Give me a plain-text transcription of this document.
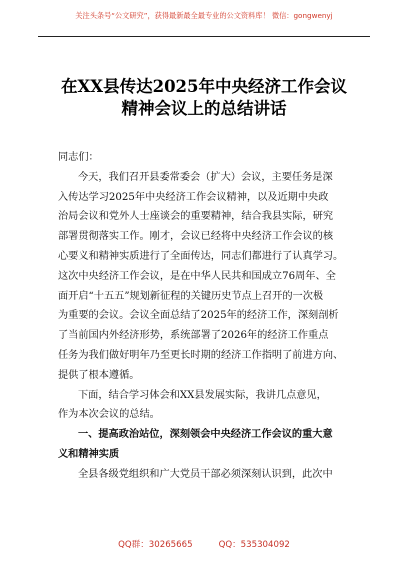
关注头条号“公文研究”，获得最新最全最专业的公文资料库！ 微信：gongwenyj
在XX县传达2025年中央经济工作会议
精神会议上的总结讲话
同志们：
今天，我们召开县委常委会（扩大）会议，主要任务是深
入传达学习2025年中央经济工作会议精神，以及近期中央政
治局会议和党外人士座谈会的重要精神，结合我县实际，研究
部署贯彻落实工作。刚才，会议已经将中央经济工作会议的核
心要义和精神实质进行了全面传达，同志们都进行了认真学习。
这次中央经济工作会议，是在中华人民共和国成立76周年、全
面开启“十五五”规划新征程的关键历史节点上召开的一次极
为重要的会议。会议全面总结了2025年的经济工作，深刻剖析
了当前国内外经济形势，系统部署了2026年的经济工作重点
任务为我们做好明年乃至更长时期的经济工作指明了前进方向、
提供了根本遵循。
下面，结合学习体会和XX县发展实际，我讲几点意见，
作为本次会议的总结。
一、提高政治站位，深刻领会中央经济工作会议的重大意
义和精神实质
全县各级党组织和广大党员干部必须深刻认识到，此次中
QQ群：30265665	QQ：535304092
